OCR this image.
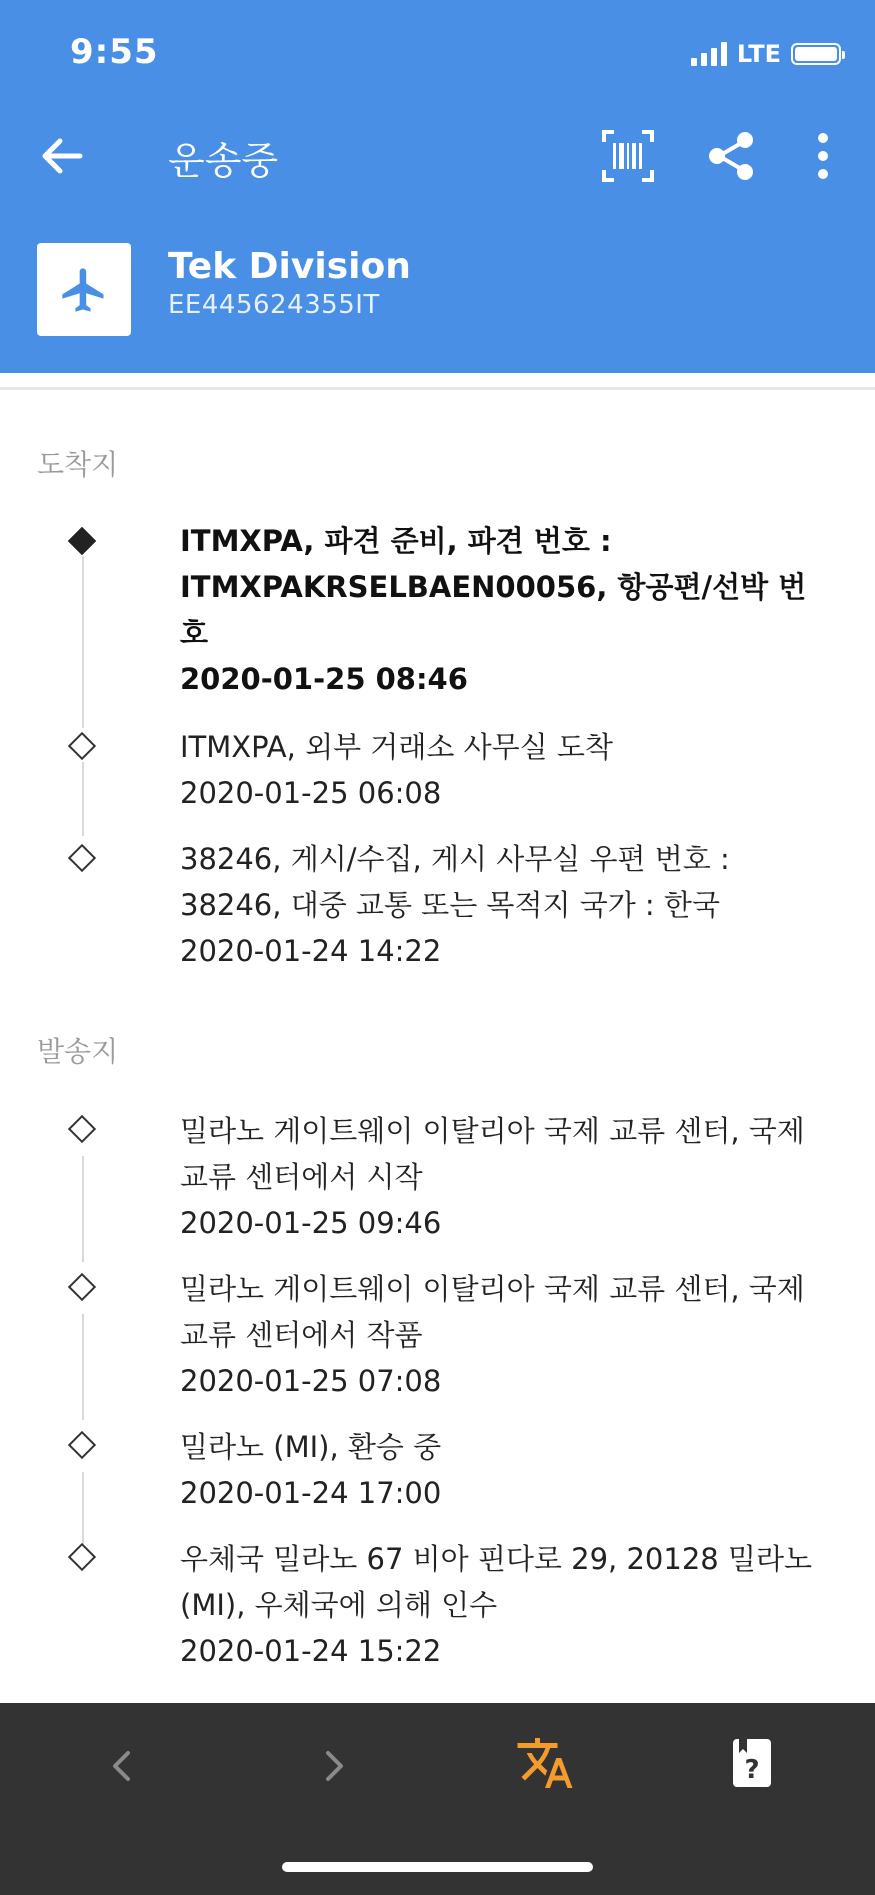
9:55	LTE
운송중
Tek Division
EE445624355IT
도착지
ITMXPA, 파견 준비, 파견 번호 : ITMXPAKRSELBAEN00056, 항공편/선박 번호
2020-01-25 08:46
ITMXPA, 외부 거래소 사무실 도착
2020-01-25 06:08
38246, 게시/수집, 게시 사무실 우편 번호 : 38246, 대중 교통 또는 목적지 국가 : 한국
2020-01-24 14:22
발송지
밀라노 게이트웨이 이탈리아 국제 교류 센터, 국제 교류 센터에서 시작
2020-01-25 09:46
밀라노 게이트웨이 이탈리아 국제 교류 센터, 국제 교류 센터에서 작품
2020-01-25 07:08
밀라노 (MI), 환승 중
2020-01-24 17:00
우체국 밀라노 67 비아 핀다로 29, 20128 밀라노 (MI), 우체국에 의해 인수
2020-01-24 15:22
?
